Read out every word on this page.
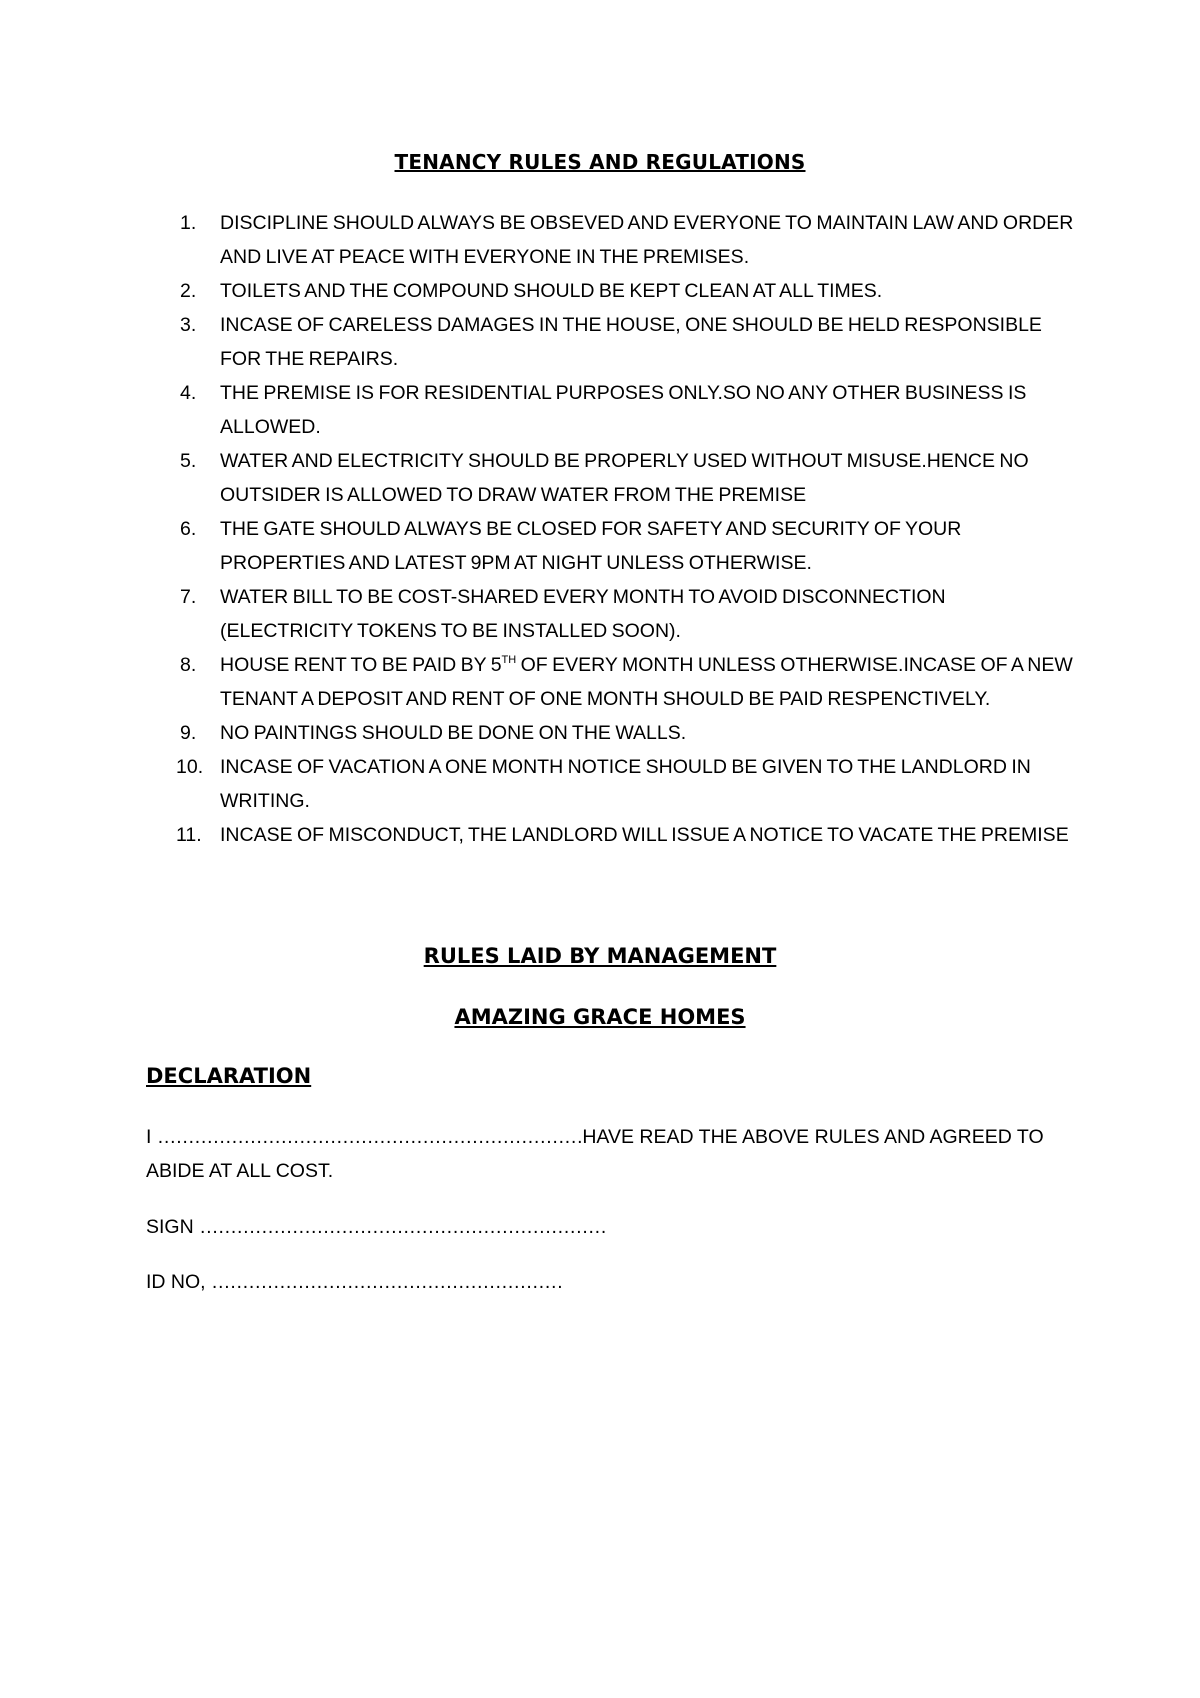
TENANCY RULES AND REGULATIONS
1.	DISCIPLINE SHOULD ALWAYS BE OBSEVED AND EVERYONE TO MAINTAIN LAW AND ORDER AND LIVE AT PEACE WITH EVERYONE IN THE PREMISES.
2.	TOILETS AND THE COMPOUND SHOULD BE KEPT CLEAN AT ALL TIMES.
3.	INCASE OF CARELESS DAMAGES IN THE HOUSE, ONE SHOULD BE HELD RESPONSIBLE FOR THE REPAIRS.
4.	THE PREMISE IS FOR RESIDENTIAL PURPOSES ONLY.SO NO ANY OTHER BUSINESS IS ALLOWED.
5.	WATER AND ELECTRICITY SHOULD BE PROPERLY USED WITHOUT MISUSE.HENCE NO OUTSIDER IS ALLOWED TO DRAW WATER FROM THE PREMISE
6.	THE GATE SHOULD ALWAYS BE CLOSED FOR SAFETY AND SECURITY OF YOUR PROPERTIES AND LATEST 9PM AT NIGHT UNLESS OTHERWISE.
7.	WATER BILL TO BE COST-SHARED EVERY MONTH TO AVOID DISCONNECTION (ELECTRICITY TOKENS TO BE INSTALLED SOON).
8.	HOUSE RENT TO BE PAID BY 5TH OF EVERY MONTH UNLESS OTHERWISE.INCASE OF A NEW TENANT A DEPOSIT AND RENT OF ONE MONTH SHOULD BE PAID RESPENCTIVELY.
9.	NO PAINTINGS SHOULD BE DONE ON THE WALLS.
10. INCASE OF VACATION A ONE MONTH NOTICE SHOULD BE GIVEN TO THE LANDLORD IN WRITING.
11. INCASE OF MISCONDUCT, THE LANDLORD WILL ISSUE A NOTICE TO VACATE THE PREMISE
RULES LAID BY MANAGEMENT
AMAZING GRACE HOMES
DECLARATION

I ……………………………………………………………HAVE READ THE ABOVE RULES AND AGREED TO ABIDE AT ALL COST.

SIGN …………………………………………………………

ID NO, …………………………………………………
